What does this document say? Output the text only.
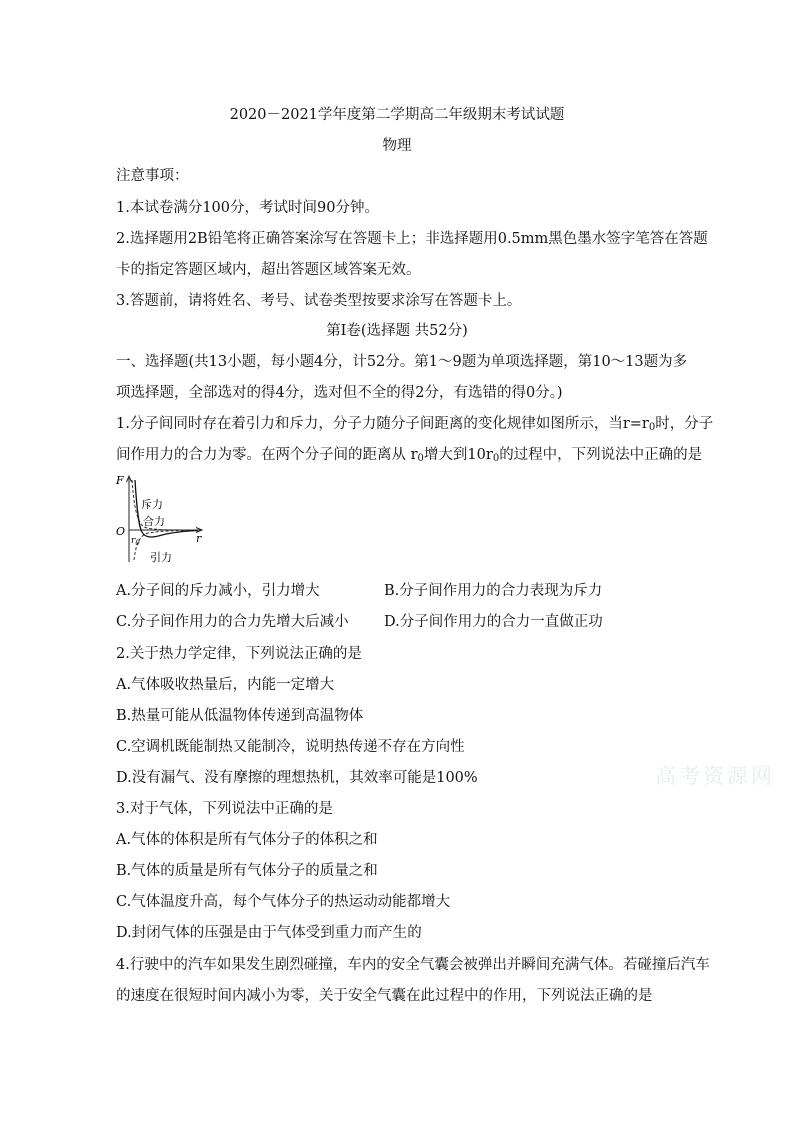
2020－2021学年度第二学期高二年级期末考试试题
物理
注意事项：
1.本试卷满分100分，考试时间90分钟。
2.选择题用2B铅笔将正确答案涂写在答题卡上；非选择题用0.5mm黑色墨水签字笔答在答题
卡的指定答题区域内，超出答题区域答案无效。
3.答题前，请将姓名、考号、试卷类型按要求涂写在答题卡上。
第Ⅰ卷(选择题 共52分)
一、选择题(共13小题，每小题4分，计52分。第1～9题为单项选择题，第10～13题为多
项选择题，全部选对的得4分，选对但不全的得2分，有选错的得0分。)
1.分子间同时存在着引力和斥力，分子力随分子间距离的变化规律如图所示，当$r=r_0$时，分子
间作用力的合力为零。在两个分子间的距离从 $r_0$增大到$10r_0$的过程中，下列说法中正确的是
F
r
O
$r_0$
斥力
合力
引力
A.分子间的斥力减小，引力增大	B.分子间作用力的合力表现为斥力
C.分子间作用力的合力先增大后减小 D.分子间作用力的合力一直做正功
2.关于热力学定律，下列说法正确的是
A.气体吸收热量后，内能一定增大
B.热量可能从低温物体传递到高温物体
C.空调机既能制热又能制冷，说明热传递不存在方向性
D.没有漏气、没有摩擦的理想热机，其效率可能是100%
3.对于气体，下列说法中正确的是
A.气体的体积是所有气体分子的体积之和
B.气体的质量是所有气体分子的质量之和
C.气体温度升高，每个气体分子的热运动动能都增大
D.封闭气体的压强是由于气体受到重力而产生的
4.行驶中的汽车如果发生剧烈碰撞，车内的安全气囊会被弹出并瞬间充满气体。若碰撞后汽车
的速度在很短时间内减小为零，关于安全气囊在此过程中的作用，下列说法正确的是
高考资源网
